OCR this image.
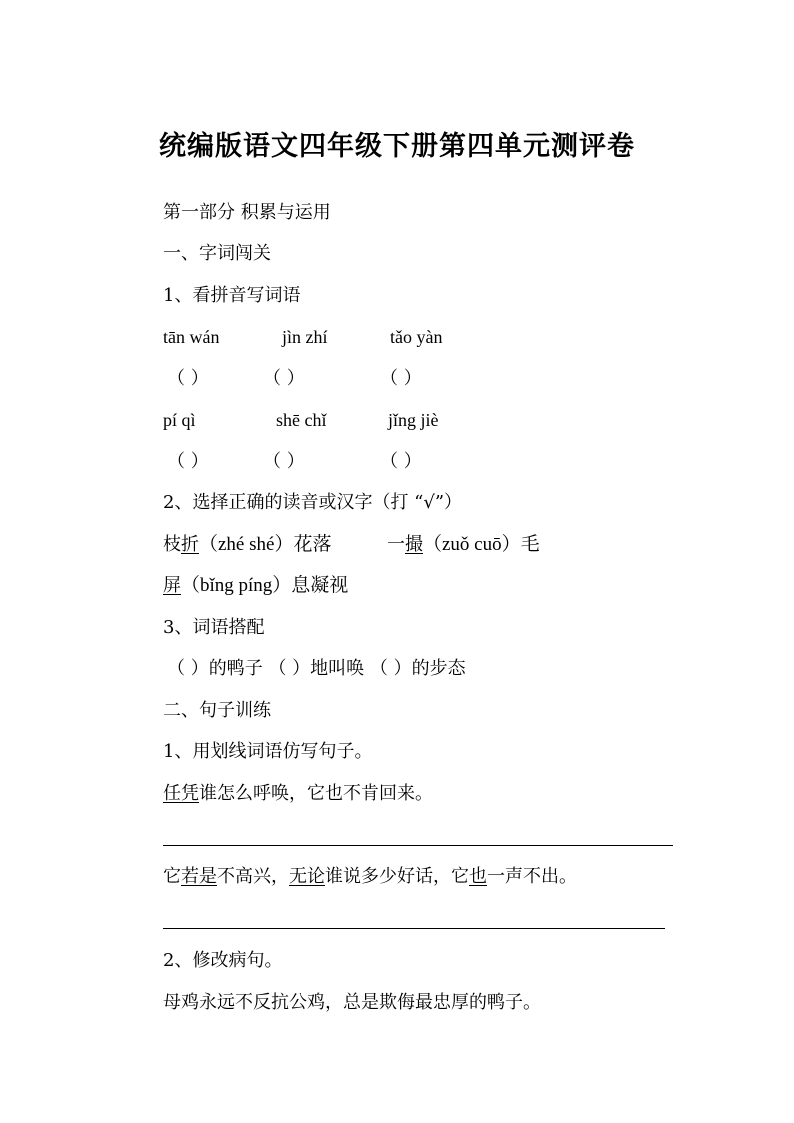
统编版语文四年级下册第四单元测评卷
第一部分 积累与运用
一、字词闯关
1、看拼音写词语
tān wán	jìn zhí	tǎo yàn
（ ）	（ ）	（ ）
pí qì	shē chǐ	jǐng jiè
（ ）	（ ）	（ ）
2、选择正确的读音或汉字（打 “√”）
枝折（zhé shé）花落	一撮（zuǒ cuō）毛
屏（bǐng píng）息凝视
3、词语搭配
（ ）的鸭子 （ ）地叫唤 （ ）的步态
二、句子训练
1、用划线词语仿写句子。
任凭谁怎么呼唤，它也不肯回来。
它若是不高兴，无论谁说多少好话，它也一声不出。
2、修改病句。
母鸡永远不反抗公鸡，总是欺侮最忠厚的鸭子。
